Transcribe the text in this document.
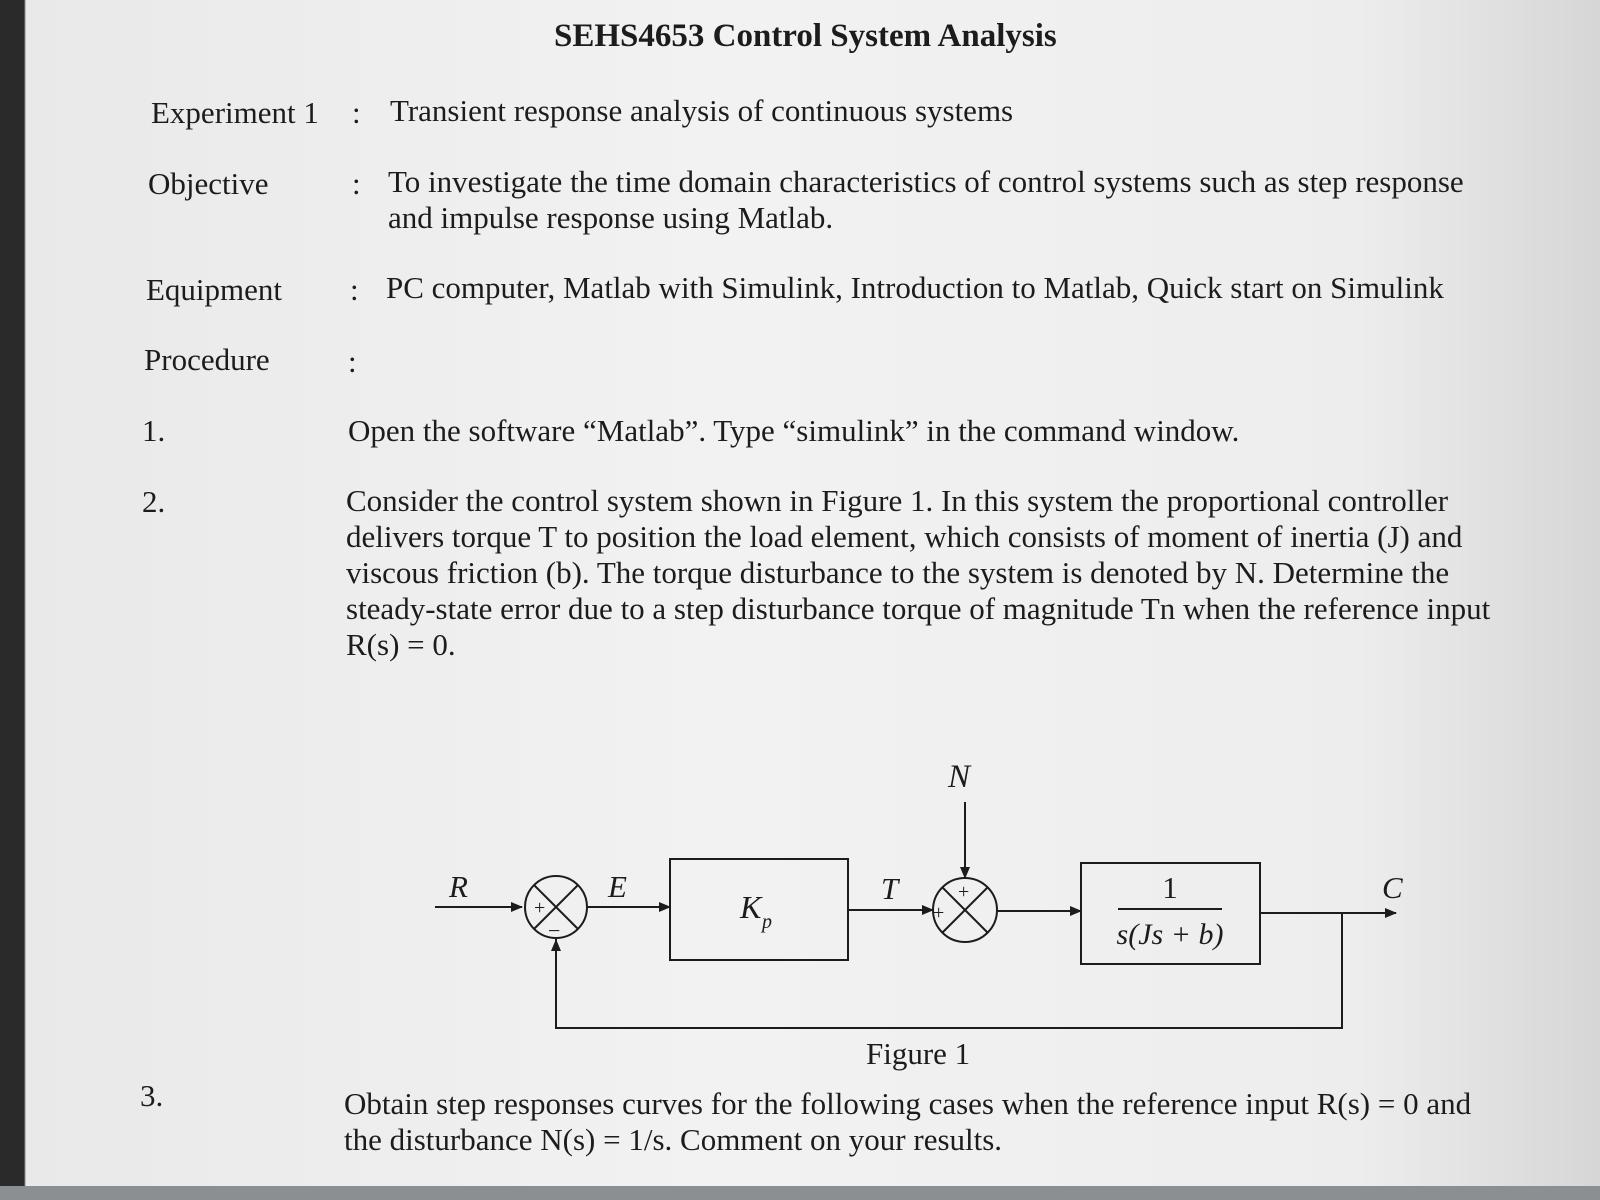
SEHS4653 Control System Analysis
Experiment 1 : Transient response analysis of continuous systems
Objective	: To investigate the time domain characteristics of control systems such as step response
and impulse response using Matlab.
Equipment : PC computer, Matlab with Simulink, Introduction to Matlab, Quick start on Simulink
Procedure	:
1.	Open the software “Matlab”. Type “simulink” in the command window.
2.	Consider the control system shown in Figure 1. In this system the proportional controller
delivers torque T to position the load element, which consists of moment of inertia (J) and
viscous friction (b). The torque disturbance to the system is denoted by N. Determine the
steady-state error due to a step disturbance torque of magnitude Tn when the reference input
R(s) = 0.
3.	Obtain step responses curves for the following cases when the reference input R(s) = 0 and
the disturbance N(s) = 1/s. Comment on your results.
R	E	T
N
C
+
−
+
+
K p
1
s(Js + b)
Figure 1
